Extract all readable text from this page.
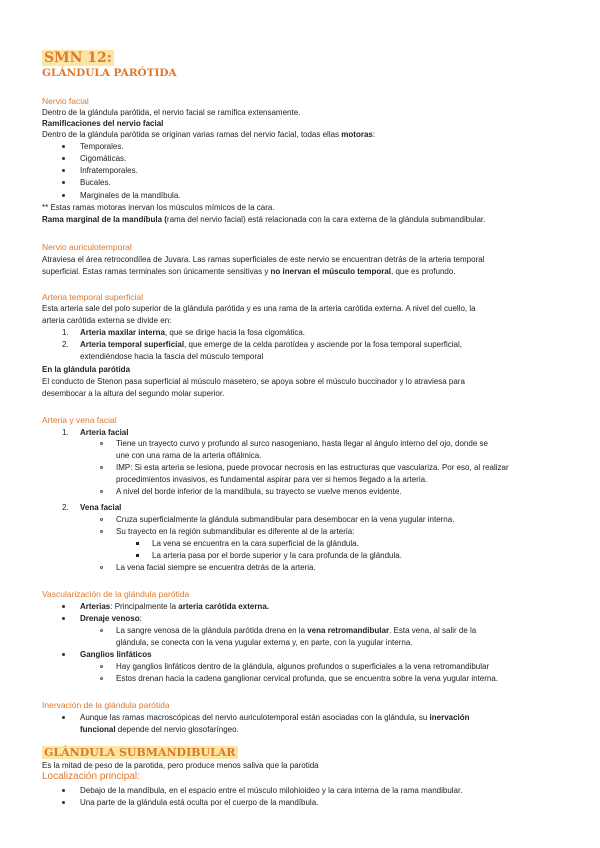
SMN 12:
GLÁNDULA PARÓTIDA
Nervio facial
Dentro de la glándula parótida, el nervio facial se ramifica extensamente.
Ramificaciones del nervio facial
Dentro de la glándula parótida se originan varias ramas del nervio facial, todas ellas motoras:
Temporales.
Cigomáticas.
Infratemporales.
Bucales.
Marginales de la mandíbula.
** Estas ramas motoras inervan los músculos mímicos de la cara.
Rama marginal de la mandíbula (rama del nervio facial) está relacionada con la cara externa de la glándula submandibular.
Nervio auriculotemporal
Atraviesa el área retrocondílea de Juvara. Las ramas superficiales de este nervio se encuentran detrás de la arteria temporal
superficial. Estas ramas terminales son únicamente sensitivas y no inervan el músculo temporal, que es profundo.
Arteria temporal superficial
Esta arteria sale del polo superior de la glándula parótida y es una rama de la arteria carótida externa. A nivel del cuello, la
arteria carótida externa se divide en:
1. Arteria maxilar interna, que se dirige hacia la fosa cigomática.
2. Arteria temporal superficial, que emerge de la celda parotídea y asciende por la fosa temporal superficial,
extendiéndose hacia la fascia del músculo temporal
En la glándula parótida
El conducto de Stenon pasa superficial al músculo masetero, se apoya sobre el músculo buccinador y lo atraviesa para
desembocar a la altura del segundo molar superior.
Arteria y vena facial
1. Arteria facial
Tiene un trayecto curvo y profundo al surco nasogeniano, hasta llegar al ángulo interno del ojo, donde se
une con una rama de la arteria oftálmica.
IMP: Si esta arteria se lesiona, puede provocar necrosis en las estructuras que vasculariza. Por eso, al realizar
procedimientos invasivos, es fundamental aspirar para ver si hemos llegado a la arteria.
A nivel del borde inferior de la mandíbula, su trayecto se vuelve menos evidente.
2. Vena facial
Cruza superficialmente la glándula submandibular para desembocar en la vena yugular interna.
Su trayecto en la región submandibular es diferente al de la arteria:
La vena se encuentra en la cara superficial de la glándula.
La arteria pasa por el borde superior y la cara profunda de la glándula.
La vena facial siempre se encuentra detrás de la arteria.
Vascularización de la glándula parótida
Arterias: Principalmente la arteria carótida externa.
Drenaje venoso:
La sangre venosa de la glándula parótida drena en la vena retromandibular. Esta vena, al salir de la
glándula, se conecta con la vena yugular externa y, en parte, con la yugular interna.
Ganglios linfáticos
Hay ganglios linfáticos dentro de la glándula, algunos profundos o superficiales a la vena retromandibular
Estos drenan hacia la cadena ganglionar cervical profunda, que se encuentra sobre la vena yugular interna.
Inervación de la glándula parótida
Aunque las ramas macroscópicas del nervio auriculotemporal están asociadas con la glándula, su inervación
funcional depende del nervio glosofaríngeo.
GLÁNDULA SUBMANDIBULAR
Es la mitad de peso de la parotida, pero produce menos saliva que la parotida
Localización principal:
Debajo de la mandíbula, en el espacio entre el músculo milohioideo y la cara interna de la rama mandibular.
Una parte de la glándula está oculta por el cuerpo de la mandíbula.
